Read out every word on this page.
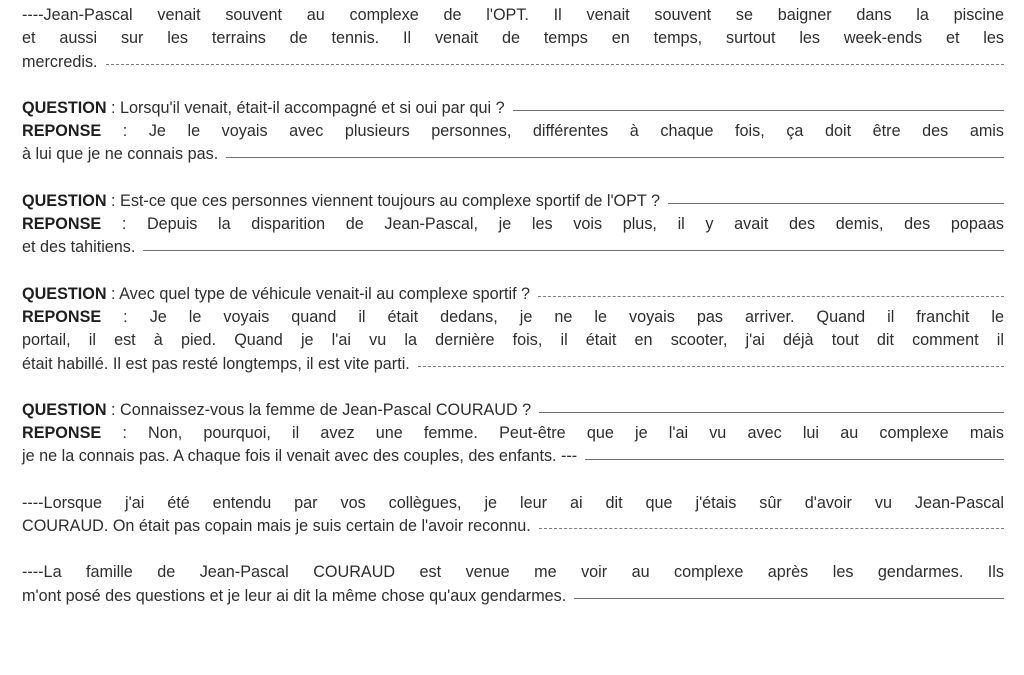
----Jean-Pascal venait souvent au complexe de l'OPT. Il venait souvent se baigner dans la piscine
et aussi sur les terrains de tennis. Il venait de temps en temps, surtout les week-ends et les
mercredis.
QUESTION : Lorsqu'il venait, était-il accompagné et si oui par qui ?
REPONSE : Je le voyais avec plusieurs personnes, différentes à chaque fois, ça doit être des amis
à lui que je ne connais pas.
QUESTION : Est-ce que ces personnes viennent toujours au complexe sportif de l'OPT ?
REPONSE : Depuis la disparition de Jean-Pascal, je les vois plus, il y avait des demis, des popaas
et des tahitiens.
QUESTION : Avec quel type de véhicule venait-il au complexe sportif ?
REPONSE : Je le voyais quand il était dedans, je ne le voyais pas arriver. Quand il franchit le
portail, il est à pied. Quand je l'ai vu la dernière fois, il était en scooter, j'ai déjà tout dit comment il
était habillé. Il est pas resté longtemps, il est vite parti.
QUESTION : Connaissez-vous la femme de Jean-Pascal COURAUD ?
REPONSE : Non, pourquoi, il avez une femme. Peut-être que je l'ai vu avec lui au complexe mais
je ne la connais pas. A chaque fois il venait avec des couples, des enfants. ---
----Lorsque j'ai été entendu par vos collègues, je leur ai dit que j'étais sûr d'avoir vu Jean-Pascal
COURAUD. On était pas copain mais je suis certain de l'avoir reconnu.
----La famille de Jean-Pascal COURAUD est venue me voir au complexe après les gendarmes. Ils
m'ont posé des questions et je leur ai dit la même chose qu'aux gendarmes.
